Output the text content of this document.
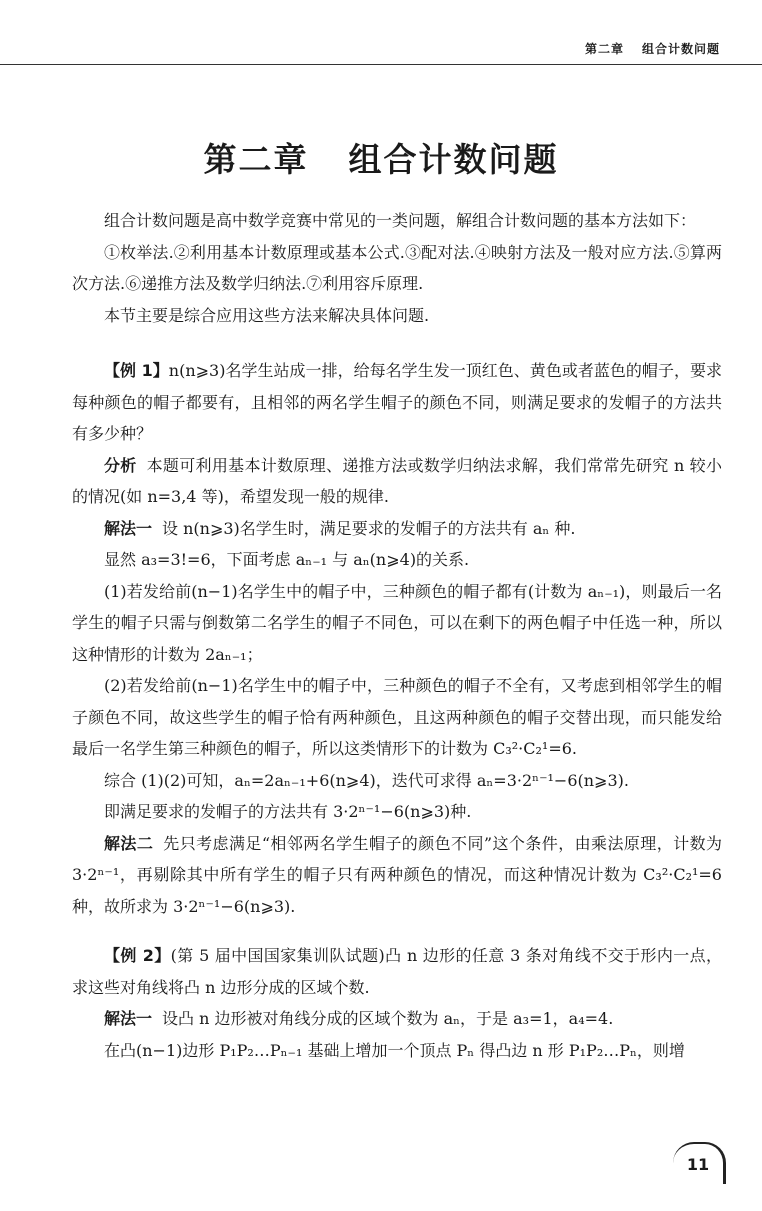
第二章 组合计数问题
第二章 组合计数问题

组合计数问题是高中数学竞赛中常见的一类问题，解组合计数问题的基本方法如下：

①枚举法.②利用基本计数原理或基本公式.③配对法.④映射方法及一般对应方法.⑤算两次方法.⑥递推方法及数学归纳法.⑦利用容斥原理.

本节主要是综合应用这些方法来解决具体问题.

【例 1】n(n⩾3)名学生站成一排，给每名学生发一顶红色、黄色或者蓝色的帽子，要求每种颜色的帽子都要有，且相邻的两名学生帽子的颜色不同，则满足要求的发帽子的方法共有多少种？

分析 本题可利用基本计数原理、递推方法或数学归纳法求解，我们常常先研究 n 较小的情况(如 n=3,4 等)，希望发现一般的规律.

解法一 设 n(n⩾3)名学生时，满足要求的发帽子的方法共有 aₙ 种.

显然 a₃=3!=6，下面考虑 aₙ₋₁ 与 aₙ(n⩾4)的关系.

(1)若发给前(n−1)名学生中的帽子中，三种颜色的帽子都有(计数为 aₙ₋₁)，则最后一名学生的帽子只需与倒数第二名学生的帽子不同色，可以在剩下的两色帽子中任选一种，所以这种情形的计数为 2aₙ₋₁；

(2)若发给前(n−1)名学生中的帽子中，三种颜色的帽子不全有，又考虑到相邻学生的帽子颜色不同，故这些学生的帽子恰有两种颜色，且这两种颜色的帽子交替出现，而只能发给最后一名学生第三种颜色的帽子，所以这类情形下的计数为 C₃²·C₂¹=6.

综合 (1)(2)可知，aₙ=2aₙ₋₁+6(n⩾4)，迭代可求得 aₙ=3·2ⁿ⁻¹−6(n⩾3).

即满足要求的发帽子的方法共有 3·2ⁿ⁻¹−6(n⩾3)种.

解法二 先只考虑满足“相邻两名学生帽子的颜色不同”这个条件，由乘法原理，计数为 3·2ⁿ⁻¹，再剔除其中所有学生的帽子只有两种颜色的情况，而这种情况计数为 C₃²·C₂¹=6 种，故所求为 3·2ⁿ⁻¹−6(n⩾3).

【例 2】(第 5 届中国国家集训队试题)凸 n 边形的任意 3 条对角线不交于形内一点，求这些对角线将凸 n 边形分成的区域个数.

解法一 设凸 n 边形被对角线分成的区域个数为 aₙ，于是 a₃=1，a₄=4.

在凸(n−1)边形 P₁P₂…Pₙ₋₁ 基础上增加一个顶点 Pₙ 得凸边 n 形 P₁P₂…Pₙ，则增

11
